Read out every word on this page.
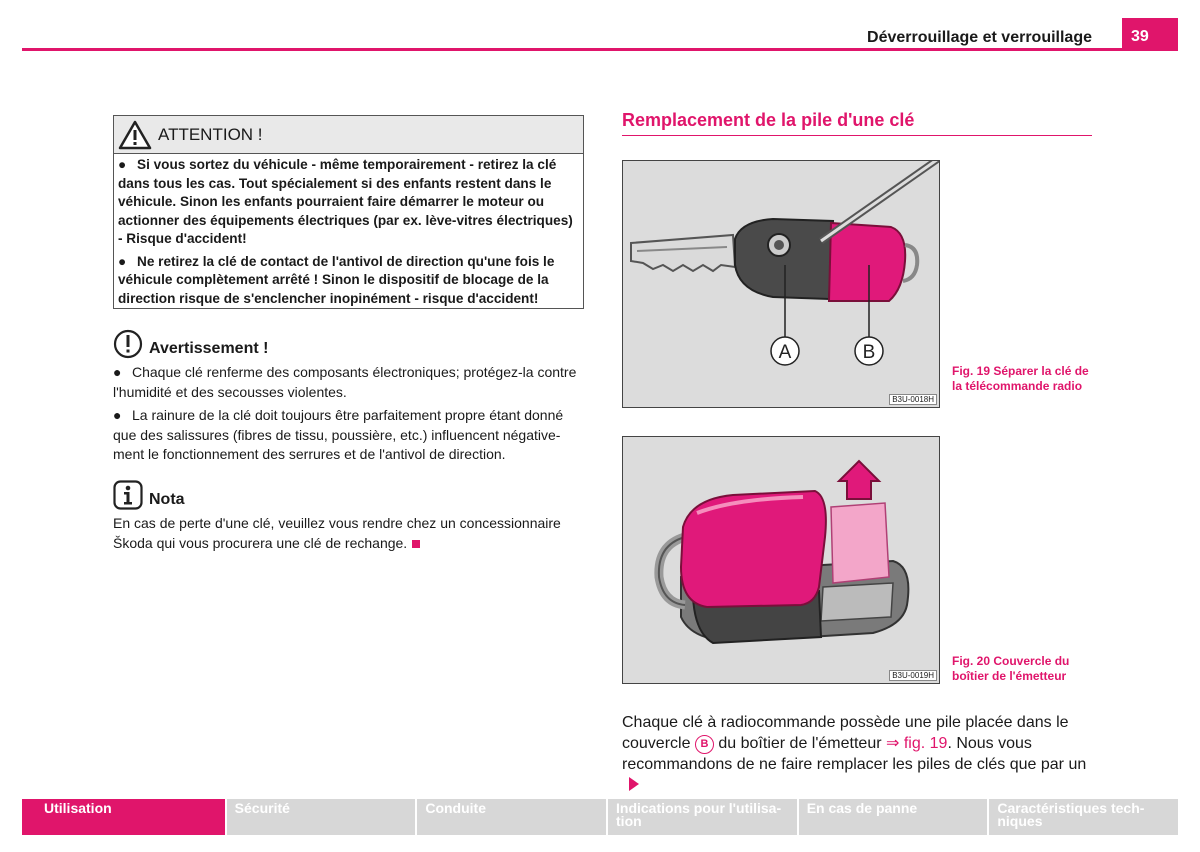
Déverrouillage et verrouillage	39
ATTENTION !

● Si vous sortez du véhicule - même temporairement - retirez la clé dans tous les cas. Tout spécialement si des enfants restent dans le véhicule. Sinon les enfants pourraient faire démarrer le moteur ou actionner des équipements électriques (par ex. lève-vitres électriques) - Risque d'accident!

● Ne retirez la clé de contact de l'antivol de direction qu'une fois le véhicule complètement arrêté ! Sinon le dispositif de blocage de la direction risque de s'enclencher inopinément - risque d'accident!

Avertissement !

● Chaque clé renferme des composants électroniques; protégez-la contre l'humidité et des secousses violentes.

● La rainure de la clé doit toujours être parfaitement propre étant donné que des salissures (fibres de tissu, poussière, etc.) influencent négative-ment le fonctionnement des serrures et de l'antivol de direction.

Nota

En cas de perte d'une clé, veuillez vous rendre chez un concessionnaire Škoda qui vous procurera une clé de rechange.

Remplacement de la pile d'une clé
A	B
B3U-0018H
Fig. 19 Séparer la clé de la télécommande radio
B3U-0019H
Fig. 20 Couvercle du boîtier de l'émetteur
Chaque clé à radiocommande possède une pile placée dans le couvercle B du boîtier de l'émetteur ⇒ fig. 19. Nous vous recommandons de ne faire remplacer les piles de clés que par un
Utilisation	Sécurité	Conduite	Indications pour l'utilisa-tion
En cas de panne	Caractéristiques tech-niques
